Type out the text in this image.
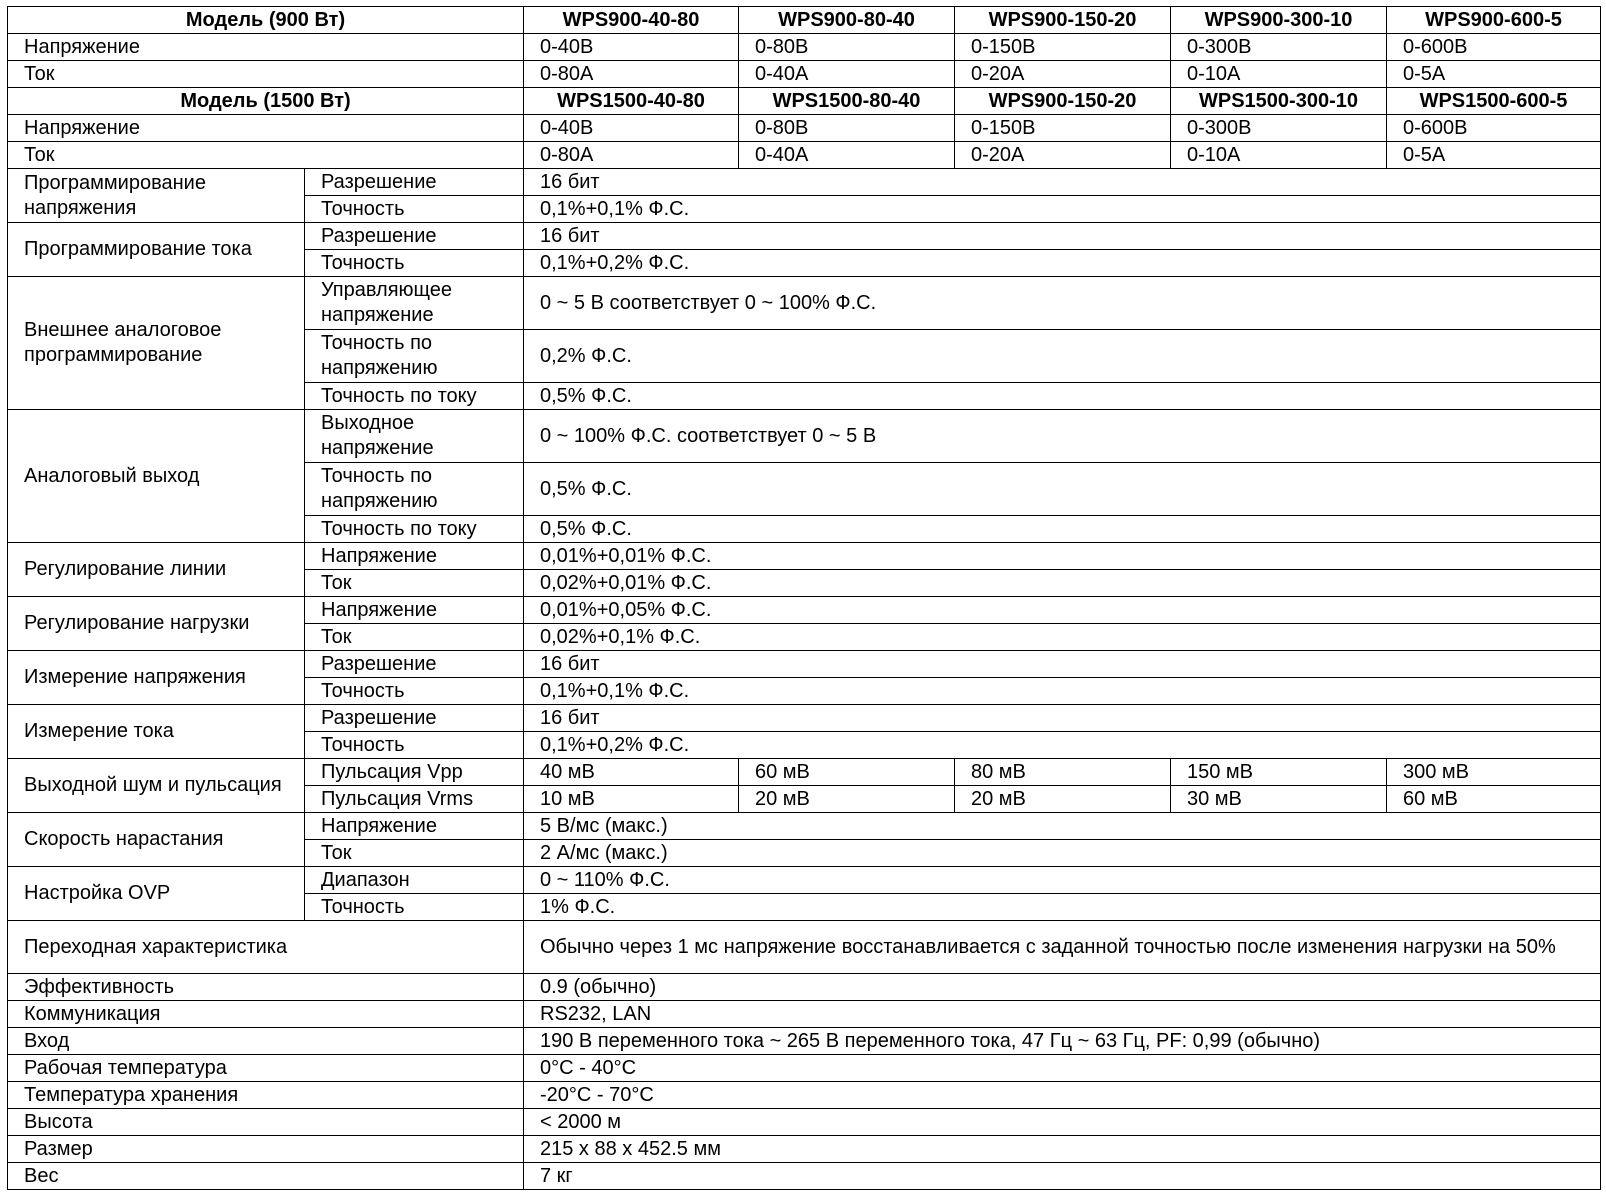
Модель (900 Вт)		WPS900-40-80	WPS900-80-40	WPS900-150-20	WPS900-300-10	WPS900-600-5
Напряжение		0-40В	0-80В	0-150В	0-300В	0-600В
Ток		0-80А	0-40А	0-20А	0-10А	0-5А
Модель (1500 Вт)		WPS1500-40-80	WPS1500-80-40	WPS900-150-20	WPS1500-300-10	WPS1500-600-5
Напряжение		0-40В	0-80В	0-150В	0-300В	0-600В
Ток		0-80А	0-40А	0-20А	0-10А	0-5А
Программирование напряжения	Разрешение	16 бит				
	Точность	0,1%+0,1% Ф.С.				
Программирование тока	Разрешение	16 бит				
	Точность	0,1%+0,2% Ф.С.				
Внешнее аналоговое программирование	Управляющее напряжение	0 ~ 5 В соответствует 0 ~ 100% Ф.С.				
	Точность по напряжению	0,2% Ф.С.				
	Точность по току	0,5% Ф.С.				
Аналоговый выход	Выходное напряжение	0 ~ 100% Ф.С. соответствует 0 ~ 5 В				
	Точность по напряжению	0,5% Ф.С.				
	Точность по току	0,5% Ф.С.				
Регулирование линии	Напряжение	0,01%+0,01% Ф.С.				
	Ток	0,02%+0,01% Ф.С.				
Регулирование нагрузки	Напряжение	0,01%+0,05% Ф.С.				
	Ток	0,02%+0,1% Ф.С.				
Измерение напряжения	Разрешение	16 бит				
	Точность	0,1%+0,1% Ф.С.				
Измерение тока	Разрешение	16 бит				
	Точность	0,1%+0,2% Ф.С.				
Выходной шум и пульсация	Пульсация Vpp	40 мВ	60 мВ	80 мВ	150 мВ	300 мВ
	Пульсация Vrms	10 мВ	20 мВ	20 мВ	30 мВ	60 мВ
Скорость нарастания	Напряжение	5 В/мс (макс.)				
	Ток	2 А/мс (макс.)				
Настройка OVP	Диапазон	0 ~ 110% Ф.С.				
	Точность	1% Ф.С.				
Переходная характеристика		Обычно через 1 мс напряжение восстанавливается с заданной точностью после изменения нагрузки на 50%				
Эффективность		0.9 (обычно)				
Коммуникация		RS232, LAN				
Вход		190 В переменного тока ~ 265 В переменного тока, 47 Гц ~ 63 Гц, PF: 0,99 (обычно)				
Рабочая температура		0°C - 40°C				
Температура хранения		-20°C - 70°C				
Высота		< 2000 м				
Размер		215 x 88 x 452.5 мм				
Вес		7 кг				
